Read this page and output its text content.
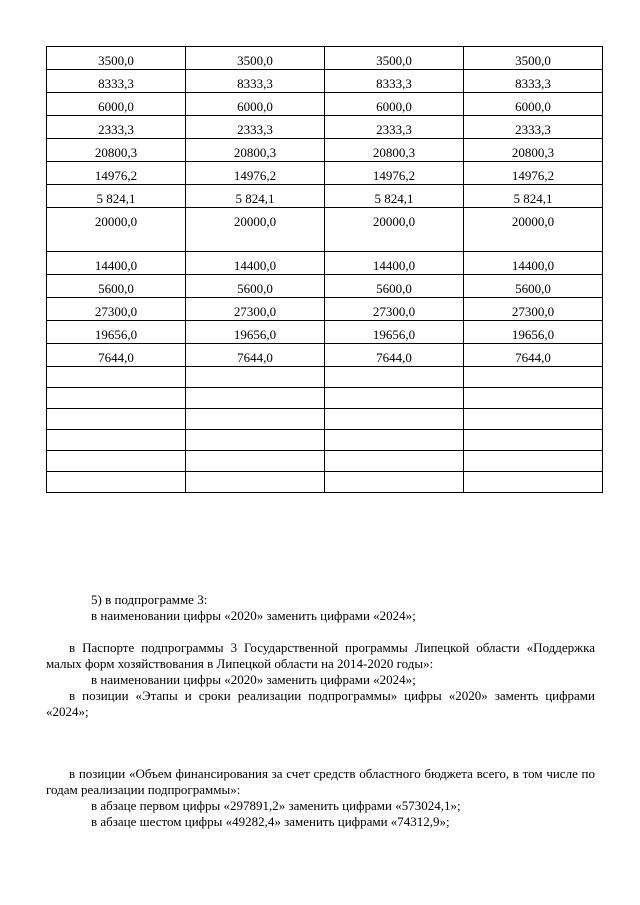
3500,0	3500,0	3500,0	3500,0
8333,3	8333,3	8333,3	8333,3
6000,0	6000,0	6000,0	6000,0
2333,3	2333,3	2333,3	2333,3
20800,3	20800,3	20800,3	20800,3
14976,2	14976,2	14976,2	14976,2
5 824,1	5 824,1	5 824,1	5 824,1
20000,0	20000,0	20000,0	20000,0
14400,0	14400,0	14400,0	14400,0
5600,0	5600,0	5600,0	5600,0
27300,0	27300,0	27300,0	27300,0
19656,0	19656,0	19656,0	19656,0
7644,0	7644,0	7644,0	7644,0

5) в подпрограмме 3:

в наименовании цифры «2020» заменить цифрами «2024»;

в Паспорте подпрограммы 3 Государственной программы Липецкой области «Поддержка малых форм хозяйствования в Липецкой области на 2014-2020 годы»:

в наименовании цифры «2020» заменить цифрами «2024»;

в позиции «Этапы и сроки реализации подпрограммы» цифры «2020» заменть цифрами «2024»;

в позиции «Объем финансирования за счет средств областного бюджета всего, в том числе по годам реализации подпрограммы»:

в абзаце первом цифры «297891,2» заменить цифрами «573024,1»;

в абзаце шестом цифры «49282,4» заменить цифрами «74312,9»;
